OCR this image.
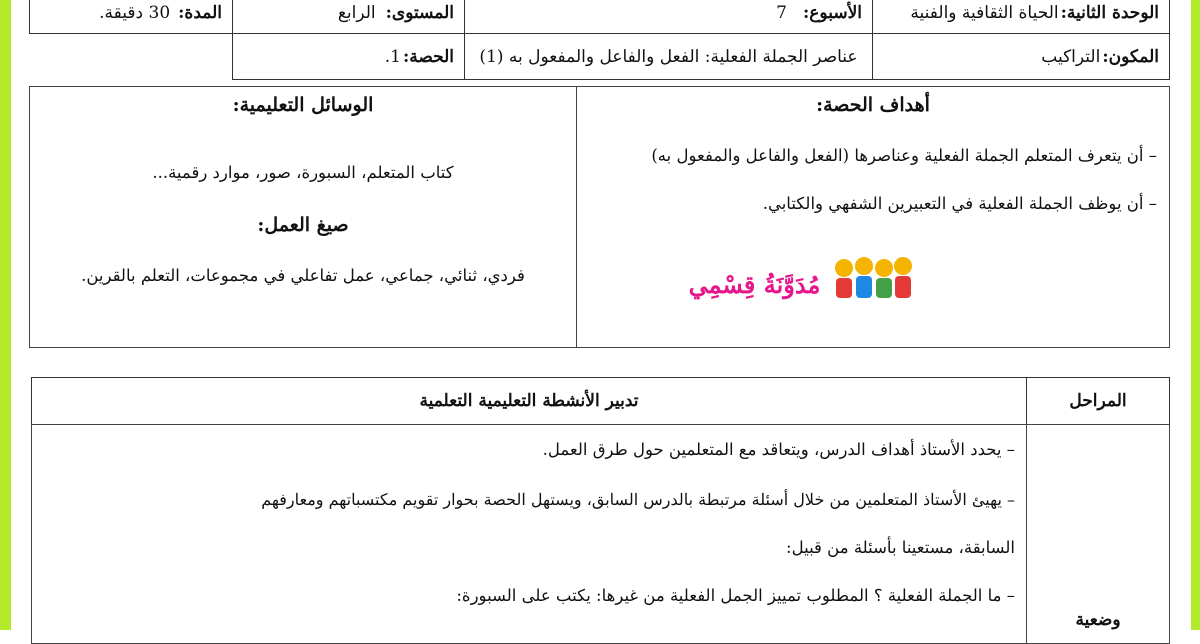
الوحدة الثانية:
الحياة الثقافية والفنية
الأسبوع:
7
المستوى:
الرابع
المدة:
30 دقيقة.
المكون:
التراكيب
عناصر الجملة الفعلية: الفعل والفاعل والمفعول به (1)
الحصة:
1.
أهداف الحصة:
– أن يتعرف المتعلم الجملة الفعلية وعناصرها (الفعل والفاعل والمفعول به)
– أن يوظف الجملة الفعلية في التعبيرين الشفهي والكتابي.
مُدَوَّنَةُ قِسْمِي
الوسائل التعليمية:
كتاب المتعلم، السبورة، صور، موارد رقمية...
صيغ العمل:
فردي، ثنائي، جماعي، عمل تفاعلي في مجموعات، التعلم بالقرين.
تدبير الأنشطة التعليمية التعلمية	المراحل
وضعية
– يحدد الأستاذ أهداف الدرس، ويتعاقد مع المتعلمين حول طرق العمل.
– يهيئ الأستاذ المتعلمين من خلال أسئلة مرتبطة بالدرس السابق، ويستهل الحصة بحوار تقويم مكتسباتهم ومعارفهم
السابقة، مستعينا بأسئلة من قبيل:
– ما الجملة الفعلية ؟ المطلوب تمييز الجمل الفعلية من غيرها: يكتب على السبورة:
